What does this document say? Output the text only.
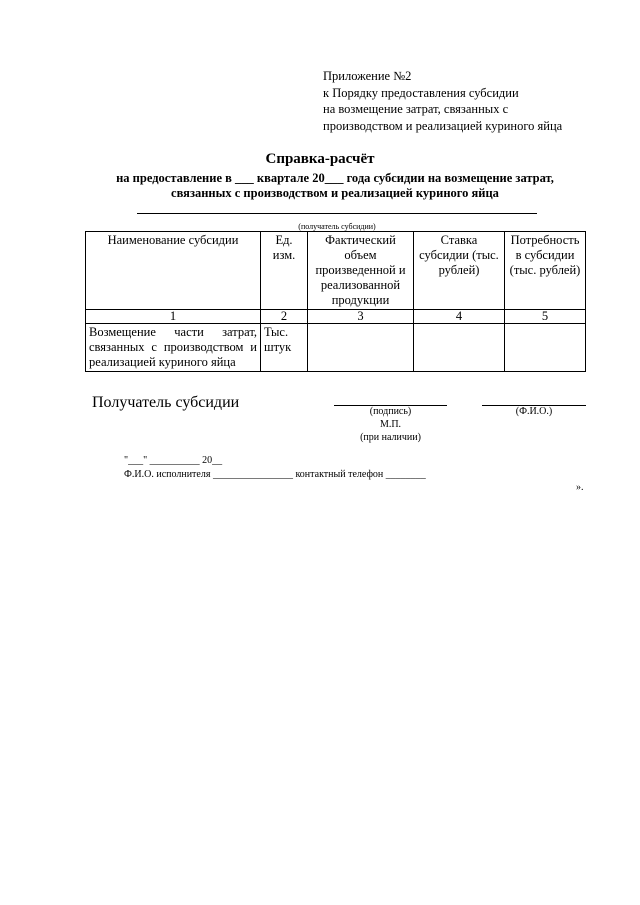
Приложение №2
к Порядку предоставления субсидии
на возмещение затрат, связанных с
производством и реализацией куриного яйца
Справка-расчёт
на предоставление в ___ квартале 20___ года субсидии на возмещение затрат,
связанных с производством и реализацией куриного яйца
(получатель субсидии)
Наименование субсидии	Ед. изм.	Фактический объем произведенной и реализованной продукции	Ставка субсидии (тыс. рублей)	Потребность в субсидии (тыс. рублей)
1	2	3	4	5
Возмещение части затрат, связанных с производством и реализацией куриного яйца	Тыс. штук			
Получатель субсидии
(подпись)	(Ф.И.О.)
М.П.
(при наличии)
"___" __________ 20__
Ф.И.О. исполнителя ________________ контактный телефон ________
».
